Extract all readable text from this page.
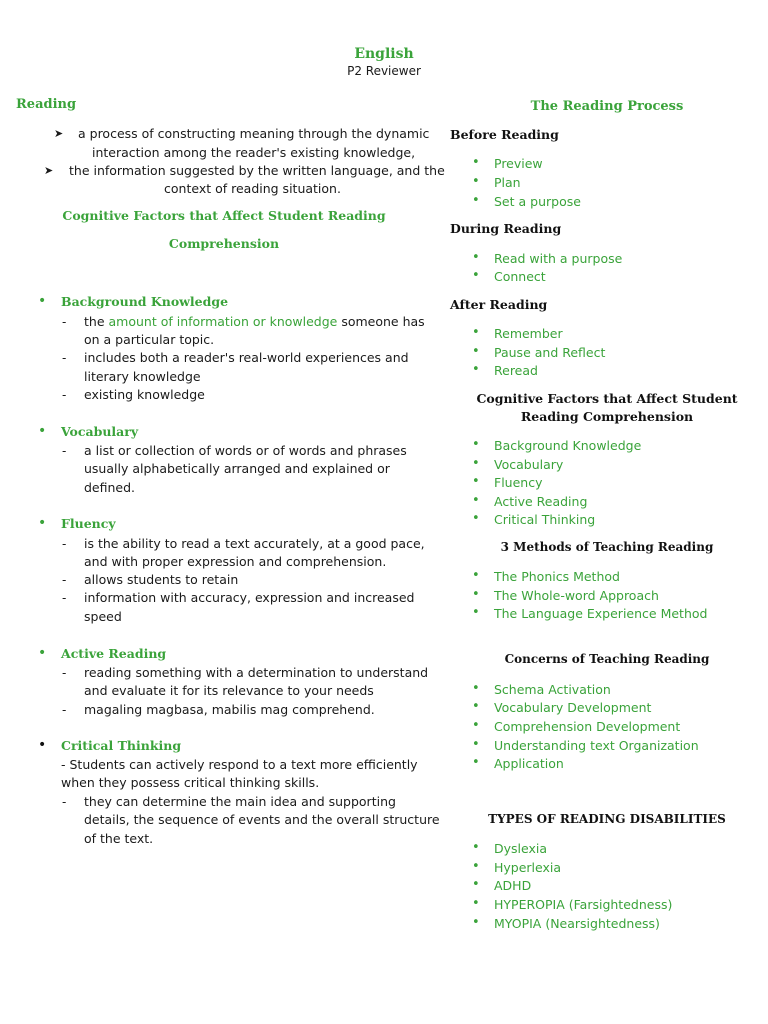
English
P2 Reviewer
Reading
➤ a process of constructing meaning through the dynamic
interaction among the reader's existing knowledge,
➤ the information suggested by the written language, and the
context of reading situation.
Cognitive Factors that Affect Student Reading
Comprehension
• Background Knowledge
- the amount of information or knowledge someone has
on a particular topic.
- includes both a reader's real-world experiences and
literary knowledge
- existing knowledge
• Vocabulary
- a list or collection of words or of words and phrases
usually alphabetically arranged and explained or
defined.
• Fluency
- is the ability to read a text accurately, at a good pace,
and with proper expression and comprehension.
- allows students to retain
- information with accuracy, expression and increased
speed
• Active Reading
- reading something with a determination to understand
and evaluate it for its relevance to your needs
- magaling magbasa, mabilis mag comprehend.
• Critical Thinking
- Students can actively respond to a text more efficiently
when they possess critical thinking skills.
- they can determine the main idea and supporting
details, the sequence of events and the overall structure
of the text.
The Reading Process
Before Reading
• Preview
• Plan
• Set a purpose
During Reading
• Read with a purpose
• Connect
After Reading
• Remember
• Pause and Reflect
• Reread
Cognitive Factors that Affect Student
Reading Comprehension
• Background Knowledge
• Vocabulary
• Fluency
• Active Reading
• Critical Thinking
3 Methods of Teaching Reading
• The Phonics Method
• The Whole-word Approach
• The Language Experience Method
Concerns of Teaching Reading
• Schema Activation
• Vocabulary Development
• Comprehension Development
• Understanding text Organization
• Application
TYPES OF READING DISABILITIES
• Dyslexia
• Hyperlexia
• ADHD
• HYPEROPIA (Farsightedness)
• MYOPIA (Nearsightedness)
